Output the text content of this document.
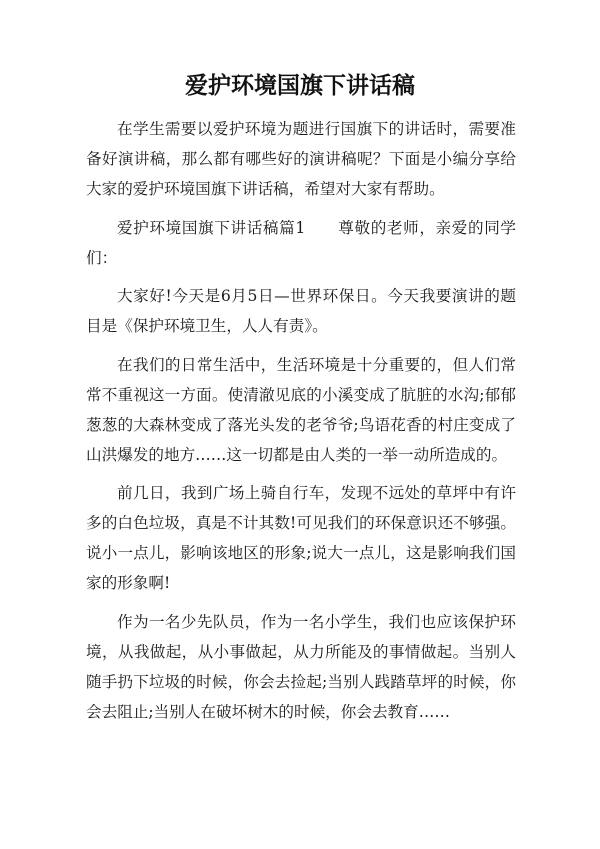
爱护环境国旗下讲话稿

在学生需要以爱护环境为题进行国旗下的讲话时，需要准备好演讲稿，那么都有哪些好的演讲稿呢？下面是小编分享给大家的爱护环境国旗下讲话稿，希望对大家有帮助。

爱护环境国旗下讲话稿篇1　　尊敬的老师，亲爱的同学们：

大家好!今天是6月5日—世界环保日。今天我要演讲的题目是《保护环境卫生，人人有责》。

在我们的日常生活中，生活环境是十分重要的，但人们常常不重视这一方面。使清澈见底的小溪变成了肮脏的水沟;郁郁葱葱的大森林变成了落光头发的老爷爷;鸟语花香的村庄变成了山洪爆发的地方……这一切都是由人类的一举一动所造成的。

前几日，我到广场上骑自行车，发现不远处的草坪中有许多的白色垃圾，真是不计其数!可见我们的环保意识还不够强。说小一点儿，影响该地区的形象;说大一点儿，这是影响我们国家的形象啊!

作为一名少先队员，作为一名小学生，我们也应该保护环境，从我做起，从小事做起，从力所能及的事情做起。当别人随手扔下垃圾的时候，你会去捡起;当别人践踏草坪的时候，你会去阻止;当别人在破坏树木的时候，你会去教育……
